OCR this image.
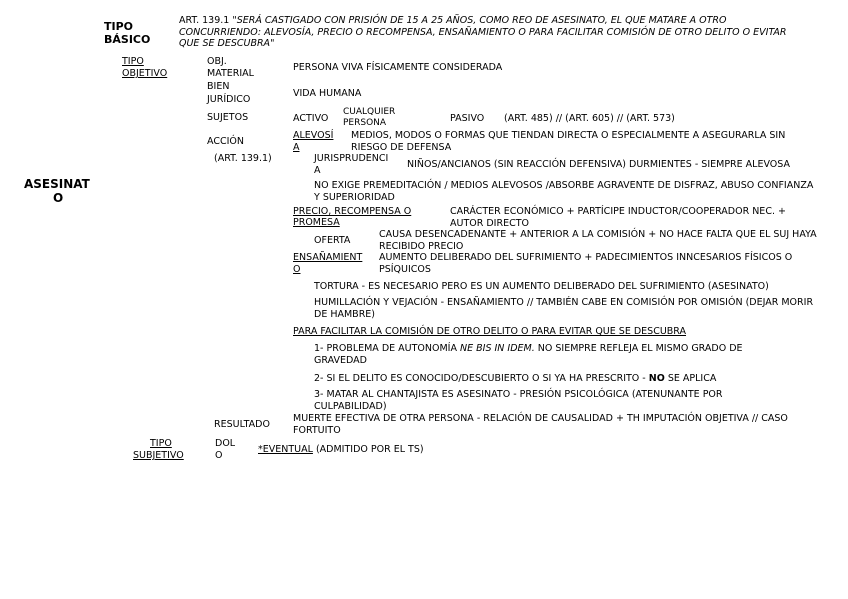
ASESINAT
O
TIPO
BÁSICO
ART. 139.1 "SERÁ CASTIGADO CON PRISIÓN DE 15 A 25 AÑOS, COMO REO DE ASESINATO, EL QUE MATARE A OTRO CONCURRIENDO: ALEVOSÍA, PRECIO O RECOMPENSA, ENSAÑAMIENTO O PARA FACILITAR COMISIÓN DE OTRO DELITO O EVITAR QUE SE DESCUBRA"
TIPO
OBJETIVO
OBJ.
MATERIAL
PERSONA VIVA FÍSICAMENTE CONSIDERADA
BIEN
JURÍDICO
VIDA HUMANA
SUJETOS	ACTIVO
CUALQUIER
PERSONA	PASIVO (ART. 485) // (ART. 605) // (ART. 573)
ACCIÓN
(ART. 139.1)
ALEVOSÍ
A
MEDIOS, MODOS O FORMAS QUE TIENDAN DIRECTA O ESPECIALMENTE A ASEGURARLA SIN RIESGO DE DEFENSA
JURISPRUDENCI
A
NIÑOS/ANCIANOS (SIN REACCIÓN DEFENSIVA) DURMIENTES - SIEMPRE ALEVOSA
NO EXIGE PREMEDITACIÓN / MEDIOS ALEVOSOS /ABSORBE AGRAVENTE DE DISFRAZ, ABUSO CONFIANZA Y SUPERIORIDAD
PRECIO, RECOMPENSA O
PROMESA
CARÁCTER ECONÓMICO + PARTÍCIPE INDUCTOR/COOPERADOR NEC. + AUTOR DIRECTO
OFERTA
CAUSA DESENCADENANTE + ANTERIOR A LA COMISIÓN + NO HACE FALTA QUE EL SUJ HAYA RECIBIDO PRECIO
ENSAÑAMIENT
O
AUMENTO DELIBERADO DEL SUFRIMIENTO + PADECIMIENTOS INNCESARIOS FÍSICOS O PSÍQUICOS
TORTURA - ES NECESARIO PERO ES UN AUMENTO DELIBERADO DEL SUFRIMIENTO (ASESINATO)
HUMILLACIÓN Y VEJACIÓN - ENSAÑAMIENTO // TAMBIÉN CABE EN COMISIÓN POR OMISIÓN (DEJAR MORIR DE HAMBRE)
PARA FACILITAR LA COMISIÓN DE OTRO DELITO O PARA EVITAR QUE SE DESCUBRA
1- PROBLEMA DE AUTONOMÍA NE BIS IN IDEM. NO SIEMPRE REFLEJA EL MISMO GRADO DE GRAVEDAD
2- SI EL DELITO ES CONOCIDO/DESCUBIERTO O SI YA HA PRESCRITO - NO SE APLICA
3- MATAR AL CHANTAJISTA ES ASESINATO - PRESIÓN PSICOLÓGICA (ATENUNANTE POR CULPABILIDAD)
RESULTADO
MUERTE EFECTIVA DE OTRA PERSONA - RELACIÓN DE CAUSALIDAD + TH IMPUTACIÓN OBJETIVA // CASO FORTUITO
TIPO
SUBJETIVO
DOL
O
*EVENTUAL (ADMITIDO POR EL TS)
